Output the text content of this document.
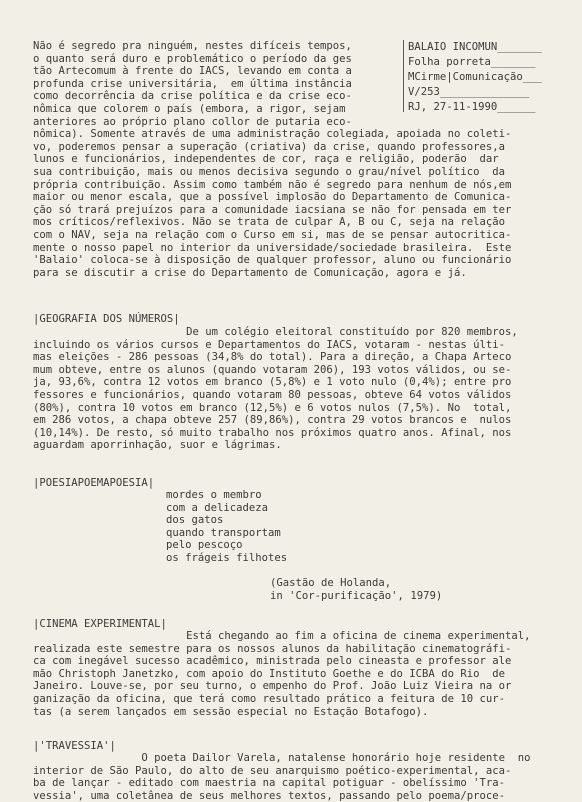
BALAIO INCOMUN_______
Folha porreta_______
MCirme|Comunicação___
V/253______________
RJ, 27-11-1990______
Não é segredo pra ninguém, nestes difíceis tempos,
o quanto será duro e problemático o período da ges
tão Artecomum à frente do IACS, levando em conta a
profunda crise universitária,  em última instância
como decorrência da crise política e da crise eco-
nômica que colorem o país (embora, a rigor, sejam
anteriores ao próprio plano collor de putaria eco-
nômica). Somente através de uma administração colegiada, apoiada no coleti-
vo, poderemos pensar a superação (criativa) da crise, quando professores,a
lunos e funcionários, independentes de cor, raça e religião, poderão  dar
sua contribuição, mais ou menos decisiva segundo o grau/nível político  da
própria contribuição. Assim como também não é segredo para nenhum de nós,em
maior ou menor escala, que a possível implosão do Departamento de Comunica-
ção só trará prejuízos para a comunidade iacsiana se não for pensada em ter
mos críticos/reflexivos. Não se trata de culpar A, B ou C, seja na relação
com o NAV, seja na relação com o Curso em si, mas de se pensar autocritica-
mente o nosso papel no interior da universidade/sociedade brasileira.  Este
'Balaio' coloca-se à disposição de qualquer professor, aluno ou funcionário
para se discutir a crise do Departamento de Comunicação, agora e já.
|GEOGRAFIA DOS NÚMEROS|
De um colégio eleitoral constituído por 820 membros,
incluindo os vários cursos e Departamentos do IACS, votaram - nestas últi-
mas eleições - 286 pessoas (34,8% do total). Para a direção, a Chapa Arteco
mum obteve, entre os alunos (quando votaram 206), 193 votos válidos, ou se-
ja, 93,6%, contra 12 votos em branco (5,8%) e 1 voto nulo (0,4%); entre pro
fessores e funcionários, quando votaram 80 pessoas, obteve 64 votos válidos
(80%), contra 10 votos em branco (12,5%) e 6 votos nulos (7,5%). No  total,
em 286 votos, a chapa obteve 257 (89,86%), contra 29 votos brancos e  nulos
(10,14%). De resto, só muito trabalho nos próximos quatro anos. Afinal, nos
aguardam aporrinhação, suor e lágrimas.
|POESIAPOEMAPOESIA|
mordes o membro
com a delicadeza
dos gatos
quando transportam
pelo pescoço
os frágeis filhotes
(Gastão de Holanda,
in 'Cor-purificação', 1979)
|CINEMA EXPERIMENTAL|
Está chegando ao fim a oficina de cinema experimental,
realizada este semestre para os nossos alunos da habilitação cinematográfi-
ca com inegável sucesso acadêmico, ministrada pelo cineasta e professor ale
mão Christoph Janetzko, com apoio do Instituto Goethe e do ICBA do Rio  de
Janeiro. Louve-se, por seu turno, o empenho do Prof. João Luiz Vieira na or
ganização da oficina, que terá como resultado prático a feitura de 10 cur-
tas (a serem lançados em sessão especial no Estação Botafogo).
|'TRAVESSIA'|
O poeta Dailor Varela, natalense honorário hoje residente  no
interior de São Paulo, do alto de seu anarquismo poético-experimental, aca-
ba de lançar - editado com maestria na capital potiguar - obelíssimo 'Tra-
vessia', uma coletânea de seus melhores textos, passando pelo poema/proce-
